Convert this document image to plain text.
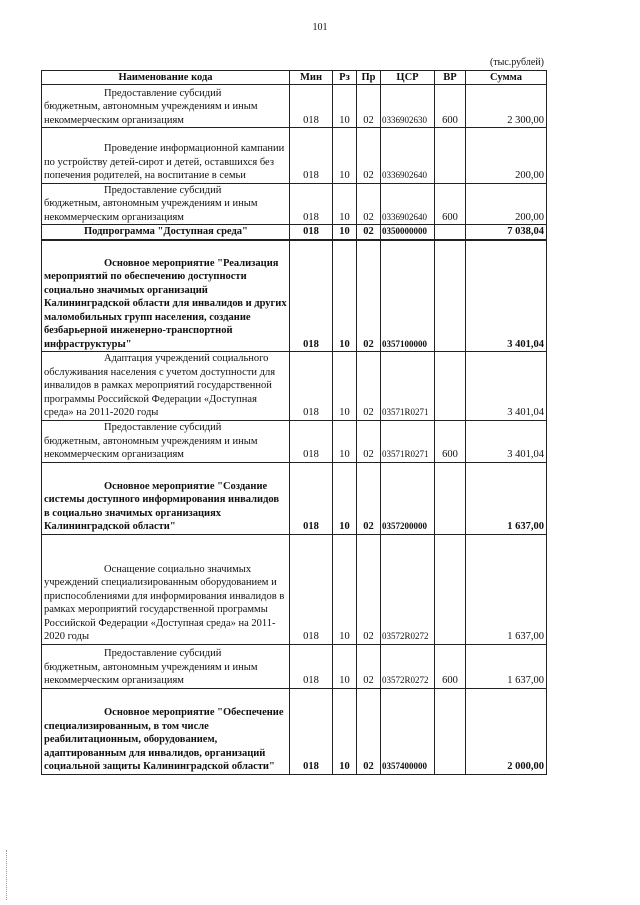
101
(тыс.рублей)
Наименование кода	Мин	Рз	Пр	ЦСР	ВР	Сумма

Предоставление субсидий
бюджетным, автономным учреждениям и иным некоммерческим организациям	018	10	02	0336902630	600	2 300,00

Проведение информационной кампании
по устройству детей-сирот и детей, оставшихся без попечения родителей, на воспитание в семьи	018	10	02	0336902640		200,00

Предоставление субсидий
бюджетным, автономным учреждениям и иным некоммерческим организациям	018	10	02	0336902640	600	200,00

Подпрограмма "Доступная среда"	018	10	02	0350000000		7 038,04

Основное мероприятие "Реализация
мероприятий по обеспечению доступности социально значимых организаций Калининградской области для инвалидов и других маломобильных групп населения, создание безбарьерной инженерно-транспортной инфраструктуры"	018	10	02	0357100000		3 401,04

Адаптация учреждений социального
обслуживания населения с учетом доступности для инвалидов в рамках мероприятий государственной программы Российской Федерации «Доступная среда» на 2011-2020 годы	018	10	02	03571R0271		3 401,04

Предоставление субсидий
бюджетным, автономным учреждениям и иным некоммерческим организациям	018	10	02	03571R0271	600	3 401,04

Основное мероприятие "Создание
системы доступного информирования инвалидов в социально значимых организациях Калининградской области"	018	10	02	0357200000		1 637,00

Оснащение социально значимых
учреждений специализированным оборудованием и приспособлениями для информирования инвалидов в рамках мероприятий государственной программы Российской Федерации «Доступная среда» на 2011-2020 годы	018	10	02	03572R0272		1 637,00

Предоставление субсидий
бюджетным, автономным учреждениям и иным некоммерческим организациям	018	10	02	03572R0272	600	1 637,00

Основное мероприятие "Обеспечение
специализированным, в том числе реабилитационным, оборудованием, адаптированным для инвалидов, организаций социальной защиты Калининградской области"	018	10	02	0357400000		2 000,00
